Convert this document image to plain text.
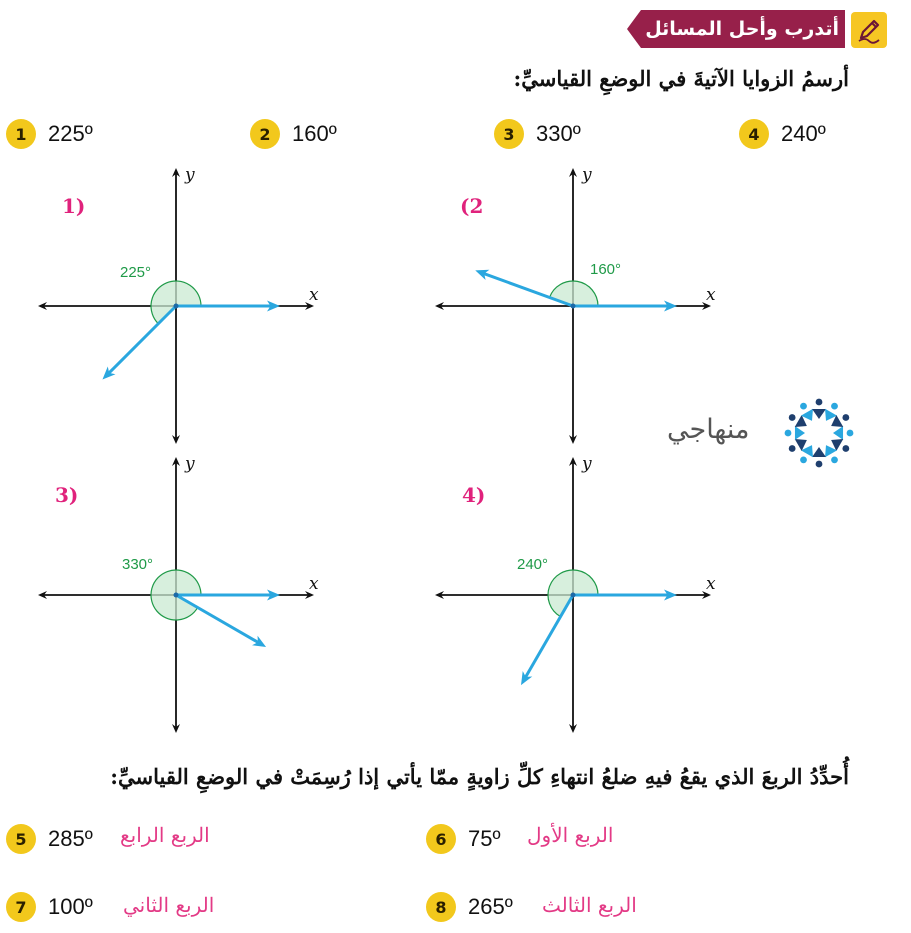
أتدرب وأحل المسائل
أرسمُ الزوايا الآتيةَ في الوضعِ القياسيِّ:
1 225º	2 160º	3 330º	4 240º
x
y
1)
225°
x
y
(2
160°
x
y
3)
330°
x
y
4)
240°
منهاجي
أُحدِّدُ الربعَ الذي يقعُ فيهِ ضلعُ انتهاءِ كلِّ زاويةٍ ممّا يأتي إذا رُسِمَتْ في الوضعِ القياسيِّ:
5 285º الربع الرابع	6 75º الربع الأول
7 100º الربع الثاني	8 265º الربع الثالث
